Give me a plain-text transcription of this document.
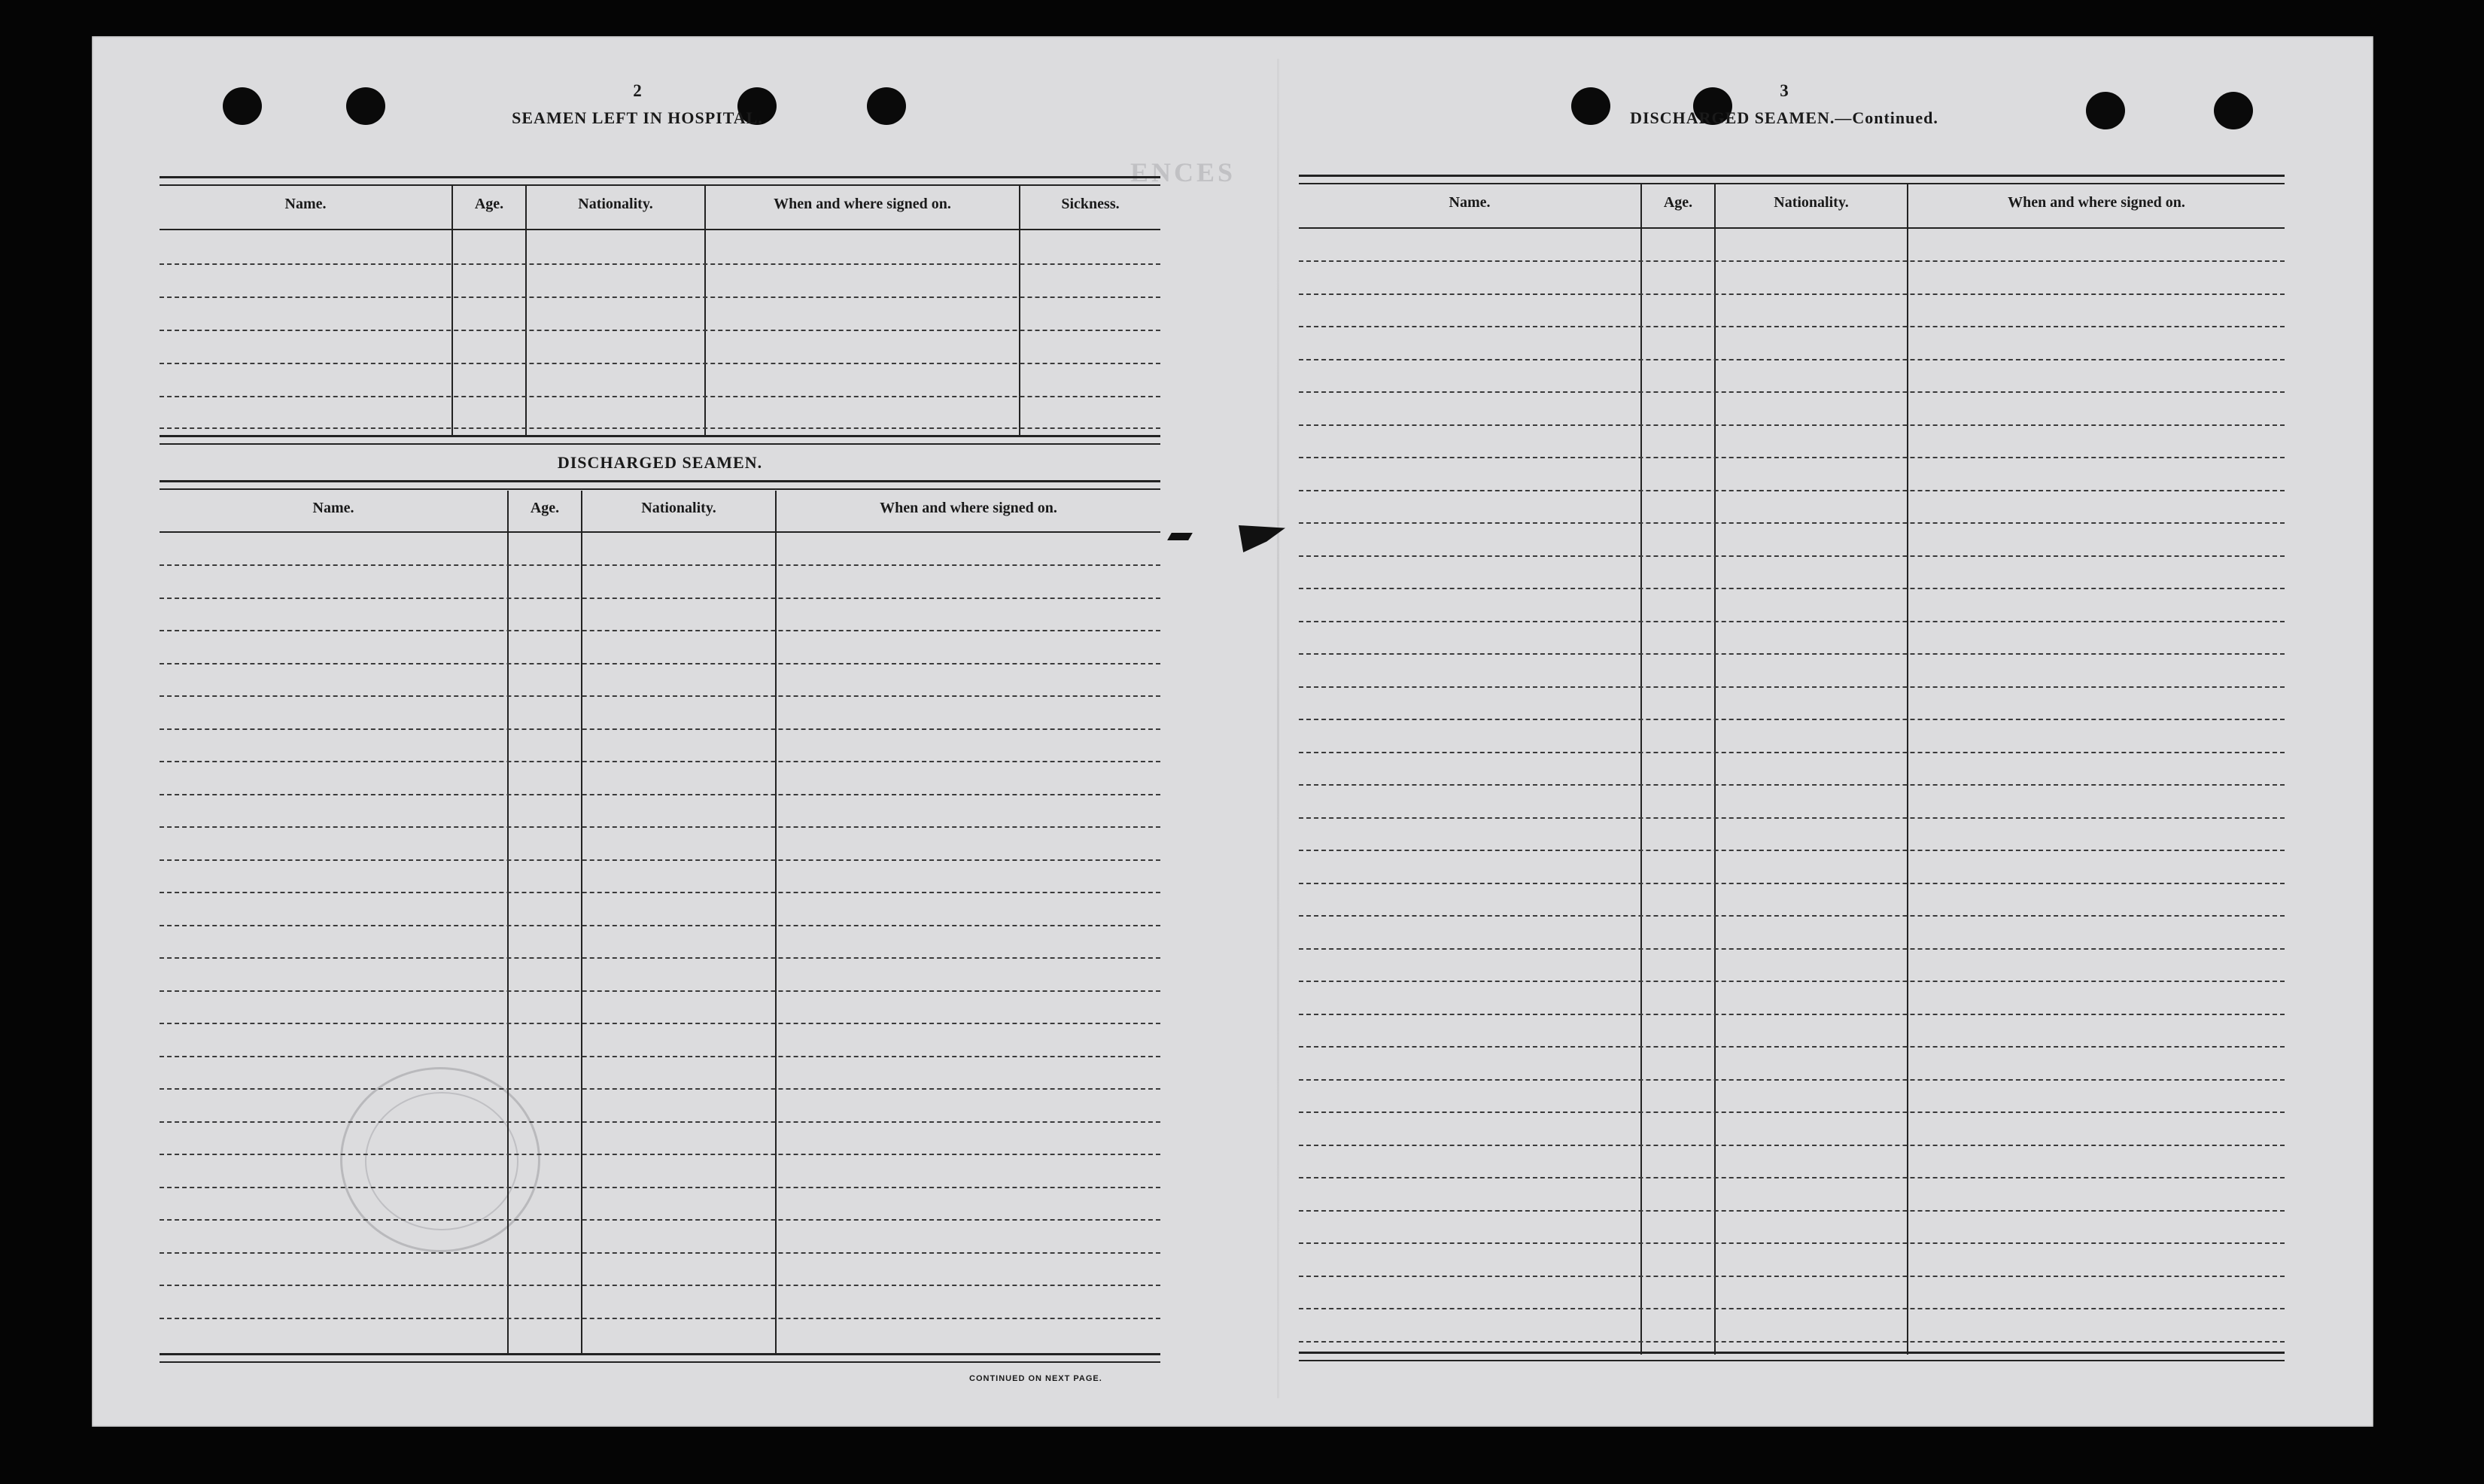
ENCES
2
SEAMEN LEFT IN HOSPITAL.
Name.	Age.	Nationality.	When and where signed on.	Sickness.
DISCHARGED SEAMEN.
Name.	Age.	Nationality.	When and where signed on.
CONTINUED ON NEXT PAGE.
3
DISCHARGED SEAMEN.—Continued.
Name.	Age.	Nationality.	When and where signed on.
